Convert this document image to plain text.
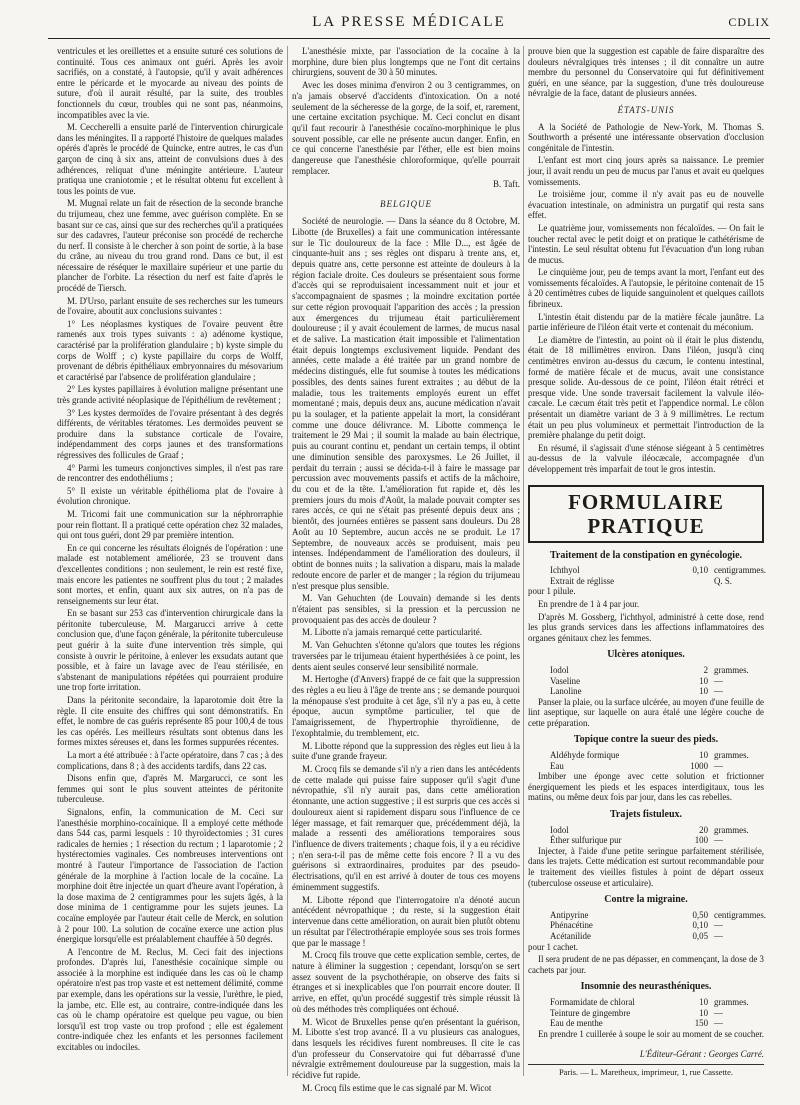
LA PRESSE MÉDICALE	CDLIX

ventricules et les oreillettes et a ensuite suturé ces solutions de continuité. Tous ces animaux ont guéri. Après les avoir sacrifiés, on a constaté, à l'autopsie, qu'il y avait adhérences entre le péricarde et le myocarde au niveau des points de suture, d'où il aurait résulté, par la suite, des troubles fonctionnels du cœur, troubles qui ne sont pas, néanmoins, incompatibles avec la vie.

M. Ceccherelli a ensuite parlé de l'intervention chirurgicale dans les méningites. Il a rapporté l'histoire de quelques malades opérés d'après le procédé de Quincke, entre autres, le cas d'un garçon de cinq à six ans, atteint de convulsions dues à des adhérences, reliquat d'une méningite antérieure. L'auteur pratiqua une craniotomie ; et le résultat obtenu fut excellent à tous les points de vue.

M. Mugnaï relate un fait de résection de la seconde branche du trijumeau, chez une femme, avec guérison complète. En se basant sur ce cas, ainsi que sur des recherches qu'il a pratiquées sur des cadavres, l'auteur préconise son procédé de recherche du nerf. Il consiste à le chercher à son point de sortie, à la base du crâne, au niveau du trou grand rond. Dans ce but, il est nécessaire de réséquer le maxillaire supérieur et une partie du plancher de l'orbite. La résection du nerf est faite d'après le procédé de Tiersch.

M. D'Urso, parlant ensuite de ses recherches sur les tumeurs de l'ovaire, aboutit aux conclusions suivantes :

1° Les néoplasmes kystiques de l'ovaire peuvent être ramenés aux trois types suivants : a) adénome kystique, caractérisé par la prolifération glandulaire ; b) kyste simple du corps de Wolff ; c) kyste papillaire du corps de Wolff, provenant de débris épithéliaux embryonnaires du mésovarium et caractérisé par l'absence de prolifération glandulaire ;

2° Les kystes papillaires à évolution maligne présentant une très grande activité néoplasique de l'épithélium de revêtement ;

3° Les kystes dermoïdes de l'ovaire présentant à des degrés différents, de véritables tératomes. Les dermoïdes peuvent se produire dans la substance corticale de l'ovaire, indépendamment des corps jaunes et des transformations régressives des follicules de Graaf ;

4° Parmi les tumeurs conjonctives simples, il n'est pas rare de rencontrer des endothéliums ;

5° Il existe un véritable épithélioma plat de l'ovaire à évolution chronique.

M. Tricomi fait une communication sur la néphrorraphie pour rein flottant. Il a pratiqué cette opération chez 32 malades, qui ont tous guéri, dont 29 par première intention.

En ce qui concerne les résultats éloignés de l'opération : une malade est notablement améliorée, 23 se trouvent dans d'excellentes conditions ; non seulement, le rein est resté fixe, mais encore les patientes ne souffrent plus du tout ; 2 malades sont mortes, et enfin, quant aux six autres, on n'a pas de renseignements sur leur état.

En se basant sur 253 cas d'intervention chirurgicale dans la péritonite tuberculeuse, M. Margarucci arrive à cette conclusion que, d'une façon générale, la péritonite tuberculeuse peut guérir à la suite d'une intervention très simple, qui consiste à ouvrir le péritoine, à enlever les exsudats autant que possible, et à faire un lavage avec de l'eau stérilisée, en s'abstenant de manipulations répétées qui pourraient produire une trop forte irritation.

Dans la péritonite secondaire, la laparotomie doit être la règle. Il cite ensuite des chiffres qui sont démonstratifs. En effet, le nombre de cas guéris représente 85 pour 100,4 de tous les cas opérés. Les meilleurs résultats sont obtenus dans les formes mixtes séreuses et, dans les formes suppurées récentes.

La mort a été attribuée : à l'acte opératoire, dans 7 cas ; à des complications, dans 8 ; à des accidents tardifs, dans 22 cas.

Disons enfin que, d'après M. Margarucci, ce sont les femmes qui sont le plus souvent atteintes de péritonite tuberculeuse.

Signalons, enfin, la communication de M. Ceci sur l'anesthésie morphino-cocaïnique. Il a employé cette méthode dans 544 cas, parmi lesquels : 10 thyroïdectomies ; 31 cures radicales de hernies ; 1 résection du rectum ; 1 laparotomie ; 2 hystérectomies vaginales. Ces nombreuses interventions ont montré à l'auteur l'importance de l'association de l'action générale de la morphine à l'action locale de la cocaïne. La morphine doit être injectée un quart d'heure avant l'opération, à la dose maxima de 2 centigrammes pour les sujets âgés, à la dose minima de 1 centigramme pour les sujets jeunes. La cocaïne employée par l'auteur était celle de Merck, en solution à 2 pour 100. La solution de cocaïne exerce une action plus énergique lorsqu'elle est préalablement chauffée à 50 degrés.

A l'encontre de M. Reclus, M. Ceci fait des injections profondes. D'après lui, l'anesthésie cocaïnique simple ou associée à la morphine est indiquée dans les cas où le champ opératoire n'est pas trop vaste et est nettement délimité, comme par exemple, dans les opérations sur la vessie, l'urèthre, le pied, la jambe, etc. Elle est, au contraire, contre-indiquée dans les cas où le champ opératoire est quelque peu vague, ou bien lorsqu'il est trop vaste ou trop profond ; elle est également contre-indiquée chez les enfants et les personnes facilement excitables ou indociles.

L'anesthésie mixte, par l'association de la cocaïne à la morphine, dure bien plus longtemps que ne l'ont dit certains chirurgiens, souvent de 30 à 50 minutes.

Avec les doses minima d'environ 2 ou 3 centigrammes, on n'a jamais observé d'accidents d'intoxication. On a noté seulement de la sécheresse de la gorge, de la soif, et, rarement, une certaine excitation psychique. M. Ceci conclut en disant qu'il faut recourir à l'anesthésie cocaïno-morphinique le plus souvent possible, car elle ne présente aucun danger. Enfin, en ce qui concerne l'anesthésie par l'éther, elle est bien moins dangereuse que l'anesthésie chloroformique, qu'elle pourrait remplacer.

B. Taft.
BELGIQUE

Société de neurologie. — Dans la séance du 8 Octobre, M. Libotte (de Bruxelles) a fait une communication intéressante sur le Tic douloureux de la face : Mlle D..., est âgée de cinquante-huit ans ; ses règles ont disparu à trente ans, et, depuis quatre ans, cette personne est atteinte de douleurs à la région faciale droite. Ces douleurs se présentaient sous forme d'accès qui se reproduisaient incessamment nuit et jour et s'accompagnaient de spasmes ; la moindre excitation portée sur cette région provoquait l'apparition des accès ; la pression aux émergences du trijumeau était particulièrement douloureuse ; il y avait écoulement de larmes, de mucus nasal et de salive. La mastication était impossible et l'alimentation était depuis longtemps exclusivement liquide. Pendant des années, cette malade a été traitée par un grand nombre de médecins distingués, elle fut soumise à toutes les médications possibles, des dents saines furent extraites ; au début de la maladie, tous les traitements employés eurent un effet momentané ; mais, depuis deux ans, aucune médication n'avait pu la soulager, et la patiente appelait la mort, la considérant comme une douce délivrance. M. Libotte commença le traitement le 29 Mai ; il soumit la malade au bain électrique, puis au courant continu et, pendant un certain temps, il obtint une diminution sensible des paroxysmes. Le 26 Juillet, il perdait du terrain ; aussi se décida-t-il à faire le massage par percussion avec mouvements passifs et actifs de la mâchoire, du cou et de la tête. L'amélioration fut rapide et, dès les premiers jours du mois d'Août, la malade pouvait compter ses rares accès, ce qui ne s'était pas présenté depuis deux ans ; bientôt, des journées entières se passent sans douleurs. Du 28 Août au 10 Septembre, aucun accès ne se produit. Le 17 Septembre, de nouveaux accès se produisent, mais peu intenses. Indépendamment de l'amélioration des douleurs, il obtint de bonnes nuits ; la salivation a disparu, mais la malade redoute encore de parler et de manger ; la région du trijumeau n'est presque plus sensible.

M. Van Gehuchten (de Louvain) demande si les dents n'étaient pas sensibles, si la pression et la percussion ne provoquaient pas des accès de douleur ?

M. Libotte n'a jamais remarqué cette particularité.

M. Van Gehuchten s'étonne qu'alors que toutes les régions traversées par le trijumeau étaient hyperthésiées à ce point, les dents aient seules conservé leur sensibilité normale.

M. Hertoghe (d'Anvers) frappé de ce fait que la suppression des règles a eu lieu à l'âge de trente ans ; se demande pourquoi la ménopause s'est produite à cet âge, s'il n'y a pas eu, à cette époque, aucun symptôme particulier, tel que de l'amaigrissement, de l'hypertrophie thyroïdienne, de l'exophtalmie, du tremblement, etc.

M. Libotte répond que la suppression des règles eut lieu à la suite d'une grande frayeur.

M. Crocq fils se demande s'il n'y a rien dans les antécédents de cette malade qui puisse faire supposer qu'il s'agit d'une névropathie, s'il n'y aurait pas, dans cette amélioration étonnante, une action suggestive ; il est surpris que ces accès si douloureux aient si rapidement disparu sous l'influence de ce léger massage, et fait remarquer que, précédemment déjà, la malade a ressenti des améliorations temporaires sous l'influence de divers traitements ; chaque fois, il y a eu récidive ; n'en sera-t-il pas de même cette fois encore ? Il a vu des guérisons si extraordinaires, produites par des pseudo-électrisations, qu'il en est arrivé à douter de tous ces moyens éminemment suggestifs.

M. Libotte répond que l'interrogatoire n'a dénoté aucun antécédent névropathique ; du reste, si la suggestion était intervenue dans cette amélioration, on aurait bien plutôt obtenu un résultat par l'électrothérapie employée sous ses trois formes que par le massage !

M. Crocq fils trouve que cette explication semble, certes, de nature à éliminer la suggestion ; cependant, lorsqu'on se sert assez souvent de la psychothérapie, on observe des faits si étranges et si inexplicables que l'on pourrait encore douter. Il arrive, en effet, qu'un procédé suggestif très simple réussit là où des méthodes très compliquées ont échoué.

M. Wicot de Bruxelles pense qu'en présentant la guérison, M. Libotte s'est trop avancé. Il a vu plusieurs cas analogues, dans lesquels les récidives furent nombreuses. Il cite le cas d'un professeur du Conservatoire qui fut débarrassé d'une névralgie extrêmement douloureuse par la suggestion, mais la récidive fut rapide.

M. Crocq fils estime que le cas signalé par M. Wicot

prouve bien que la suggestion est capable de faire disparaître des douleurs névralgiques très intenses ; il dit connaître un autre membre du personnel du Conservatoire qui fut définitivement guéri, en une séance, par la suggestion, d'une très douloureuse névralgie de la face, datant de plusieurs années.

ÉTATS-UNIS

A la Société de Pathologie de New-York, M. Thomas S. Southworth a présenté une intéressante observation d'occlusion congénitale de l'intestin.

L'enfant est mort cinq jours après sa naissance. Le premier jour, il avait rendu un peu de mucus par l'anus et avait eu quelques vomissements.

Le troisième jour, comme il n'y avait pas eu de nouvelle évacuation intestinale, on administra un purgatif qui resta sans effet.

Le quatrième jour, vomissements non fécaloïdes. — On fait le toucher rectal avec le petit doigt et on pratique le cathétérisme de l'intestin. Le seul résultat obtenu fut l'évacuation d'un long ruban de mucus.

Le cinquième jour, peu de temps avant la mort, l'enfant eut des vomissements fécaloïdes. A l'autopsie, le péritoine contenait de 15 à 20 centimètres cubes de liquide sanguinolent et quelques caillots fibrineux.

L'intestin était distendu par de la matière fécale jaunâtre. La partie inférieure de l'iléon était verte et contenait du méconium.

Le diamètre de l'intestin, au point où il était le plus distendu, était de 18 millimètres environ. Dans l'iléon, jusqu'à cinq centimètres environ au-dessus du cæcum, le contenu intestinal, formé de matière fécale et de mucus, avait une consistance presque solide. Au-dessous de ce point, l'iléon était rétréci et presque vide. Une sonde traversait facilement la valvule iléo-cæcale. Le cæcum était très petit et l'appendice normal. Le côlon présentait un diamètre variant de 3 à 9 millimètres. Le rectum était un peu plus volumineux et permettait l'introduction de la première phalange du petit doigt.

En résumé, il s'agissait d'une sténose siégeant à 5 centimètres au-dessus de la valvule iléocæcale, accompagnée d'un développement très imparfait de tout le gros intestin.

FORMULAIRE PRATIQUE
Traitement de la constipation en gynécologie.
Ichthyol	0,10 centigrammes.
Extrait de réglisse	Q. S.

pour 1 pilule.

En prendre de 1 à 4 par jour.

D'après M. Gossberg, l'ichthyol, administré à cette dose, rend les plus grands services dans les affections inflammatoires des organes génitaux chez les femmes.

Ulcères atoniques.
Iodol	2 grammes.
Vaseline	10 —
Lanoline	10 —

Panser la plaie, ou la surface ulcérée, au moyen d'une feuille de lint aseptique, sur laquelle on aura étalé une légère couche de cette préparation.

Topique contre la sueur des pieds.
Aldéhyde formique	10 grammes.
Eau	1000 —

Imbiber une éponge avec cette solution et frictionner énergiquement les pieds et les espaces interdigitaux, tous les matins, ou même deux fois par jour, dans les cas rebelles.

Trajets fistuleux.
Iodol	20 grammes.
Éther sulfurique pur	100 —

Injecter, à l'aide d'une petite seringue parfaitement stérilisée, dans les trajets. Cette médication est surtout recommandable pour le traitement des vieilles fistules à point de départ osseux (tuberculose osseuse et articulaire).

Contre la migraine.
Antipyrine	0,50 centigrammes.
Phénacétine	0,10 —
Acétanilide	0,05 —

pour 1 cachet.

Il sera prudent de ne pas dépasser, en commençant, la dose de 3 cachets par jour.

Insomnie des neurasthéniques.
Formamidate de chloral	10 grammes.
Teinture de gingembre	10 —
Eau de menthe	150 —

En prendre 1 cuillerée à soupe le soir au moment de se coucher.

L'Éditeur-Gérant : Georges Carré.
Paris. — L. Maretheux, imprimeur, 1, rue Cassette.
